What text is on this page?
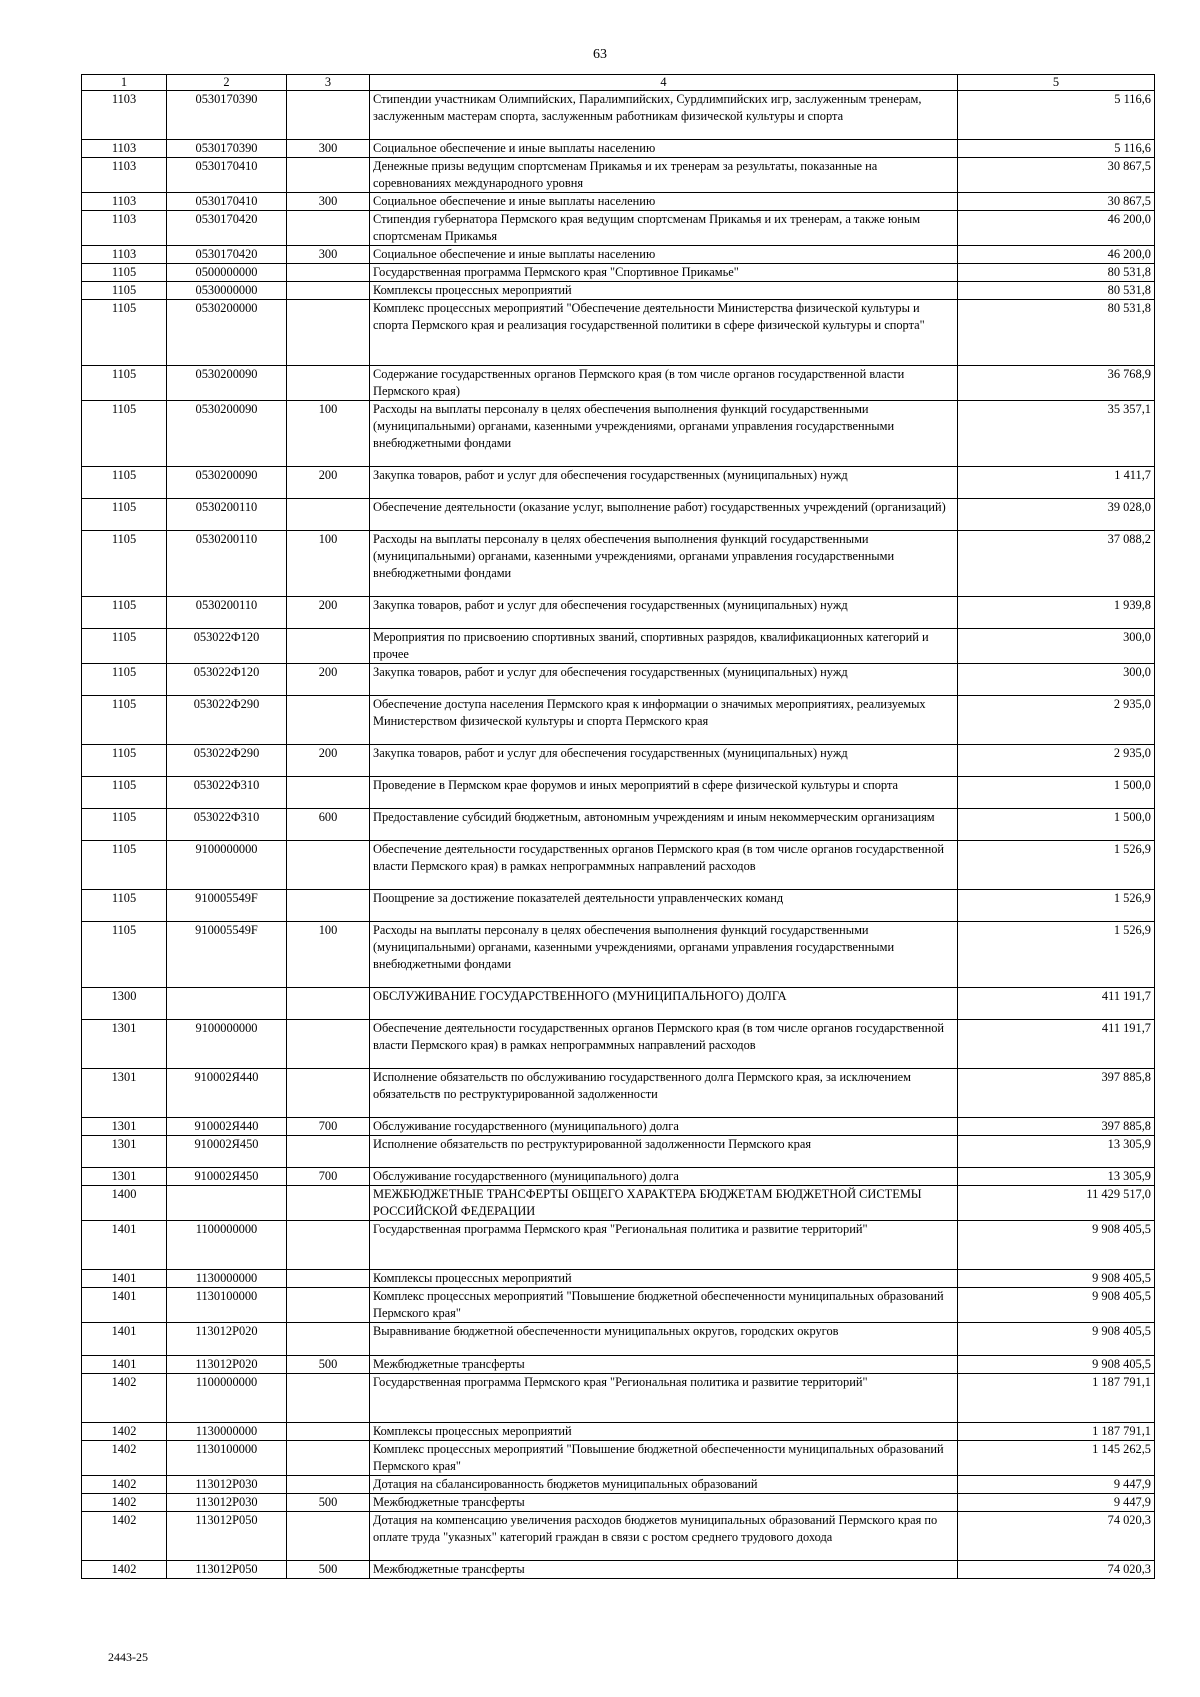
63
1	2	3	4	5
1103	0530170390		Стипендии участникам Олимпийских, Паралимпийских, Сурдлимпийских игр, заслуженным тренерам, заслуженным мастерам спорта, заслуженным работникам физической культуры и спорта	5 116,6
1103	0530170390	300	Социальное обеспечение и иные выплаты населению	5 116,6
1103	0530170410		Денежные призы ведущим спортсменам Прикамья и их тренерам за результаты, показанные на соревнованиях международного уровня	30 867,5
1103	0530170410	300	Социальное обеспечение и иные выплаты населению	30 867,5
1103	0530170420		Стипендия губернатора Пермского края ведущим спортсменам Прикамья и их тренерам, а также юным спортсменам Прикамья	46 200,0
1103	0530170420	300	Социальное обеспечение и иные выплаты населению	46 200,0
1105	0500000000		Государственная программа Пермского края "Спортивное Прикамье"	80 531,8
1105	0530000000		Комплексы процессных мероприятий	80 531,8
1105	0530200000		Комплекс процессных мероприятий "Обеспечение деятельности Министерства физической культуры и спорта Пермского края и реализация государственной политики в сфере физической культуры и спорта"	80 531,8
1105	0530200090		Содержание государственных органов Пермского края (в том числе органов государственной власти Пермского края)	36 768,9
1105	0530200090	100	Расходы на выплаты персоналу в целях обеспечения выполнения функций государственными (муниципальными) органами, казенными учреждениями, органами управления государственными внебюджетными фондами	35 357,1
1105	0530200090	200	Закупка товаров, работ и услуг для обеспечения государственных (муниципальных) нужд	1 411,7
1105	0530200110		Обеспечение деятельности (оказание услуг, выполнение работ) государственных учреждений (организаций)	39 028,0
1105	0530200110	100	Расходы на выплаты персоналу в целях обеспечения выполнения функций государственными (муниципальными) органами, казенными учреждениями, органами управления государственными внебюджетными фондами	37 088,2
1105	0530200110	200	Закупка товаров, работ и услуг для обеспечения государственных (муниципальных) нужд	1 939,8
1105	053022Ф120		Мероприятия по присвоению спортивных званий, спортивных разрядов, квалификационных категорий и прочее	300,0
1105	053022Ф120	200	Закупка товаров, работ и услуг для обеспечения государственных (муниципальных) нужд	300,0
1105	053022Ф290		Обеспечение доступа населения Пермского края к информации о значимых мероприятиях, реализуемых Министерством физической культуры и спорта Пермского края	2 935,0
1105	053022Ф290	200	Закупка товаров, работ и услуг для обеспечения государственных (муниципальных) нужд	2 935,0
1105	053022Ф310		Проведение в Пермском крае форумов и иных мероприятий в сфере физической культуры и спорта	1 500,0
1105	053022Ф310	600	Предоставление субсидий бюджетным, автономным учреждениям и иным некоммерческим организациям	1 500,0
1105	9100000000		Обеспечение деятельности государственных органов Пермского края (в том числе органов государственной власти Пермского края) в рамках непрограммных направлений расходов	1 526,9
1105	910005549F		Поощрение за достижение показателей деятельности управленческих команд	1 526,9
1105	910005549F	100	Расходы на выплаты персоналу в целях обеспечения выполнения функций государственными (муниципальными) органами, казенными учреждениями, органами управления государственными внебюджетными фондами	1 526,9
1300			ОБСЛУЖИВАНИЕ ГОСУДАРСТВЕННОГО (МУНИЦИПАЛЬНОГО) ДОЛГА	411 191,7
1301	9100000000		Обеспечение деятельности государственных органов Пермского края (в том числе органов государственной власти Пермского края) в рамках непрограммных направлений расходов	411 191,7
1301	910002Я440		Исполнение обязательств по обслуживанию государственного долга Пермского края, за исключением обязательств по реструктурированной задолженности	397 885,8
1301	910002Я440	700	Обслуживание государственного (муниципального) долга	397 885,8
1301	910002Я450		Исполнение обязательств по реструктурированной задолженности Пермского края	13 305,9
1301	910002Я450	700	Обслуживание государственного (муниципального) долга	13 305,9
1400			МЕЖБЮДЖЕТНЫЕ ТРАНСФЕРТЫ ОБЩЕГО ХАРАКТЕРА БЮДЖЕТАМ БЮДЖЕТНОЙ СИСТЕМЫ РОССИЙСКОЙ ФЕДЕРАЦИИ	11 429 517,0
1401	1100000000		Государственная программа Пермского края "Региональная политика и развитие территорий"	9 908 405,5
1401	1130000000		Комплексы процессных мероприятий	9 908 405,5
1401	1130100000		Комплекс процессных мероприятий "Повышение бюджетной обеспеченности муниципальных образований Пермского края"	9 908 405,5
1401	113012Р020		Выравнивание бюджетной обеспеченности муниципальных округов, городских округов	9 908 405,5
1401	113012Р020	500	Межбюджетные трансферты	9 908 405,5
1402	1100000000		Государственная программа Пермского края "Региональная политика и развитие территорий"	1 187 791,1
1402	1130000000		Комплексы процессных мероприятий	1 187 791,1
1402	1130100000		Комплекс процессных мероприятий "Повышение бюджетной обеспеченности муниципальных образований Пермского края"	1 145 262,5
1402	113012Р030		Дотация на сбалансированность бюджетов муниципальных образований	9 447,9
1402	113012Р030	500	Межбюджетные трансферты	9 447,9
1402	113012Р050		Дотация на компенсацию увеличения расходов бюджетов муниципальных образований Пермского края по оплате труда "указных" категорий граждан в связи с ростом среднего трудового дохода	74 020,3
1402	113012Р050	500	Межбюджетные трансферты	74 020,3
2443-25
